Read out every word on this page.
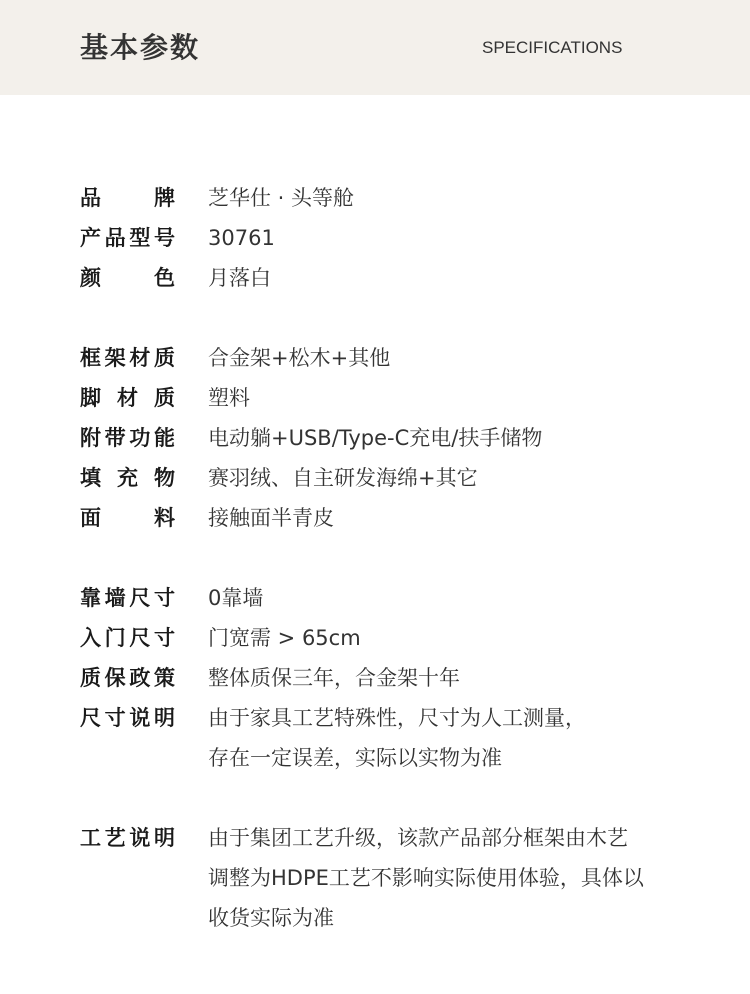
基本参数	SPECIFICATIONS
品	牌 芝华仕 · 头等舱
产 品 型 号 30761
颜	色 月落白
框 架 材 质 合金架+松木+其他
脚 材 质 塑料
附 带 功 能 电动躺+USB/Type-C充电/扶手储物
填 充 物 赛羽绒、自主研发海绵+其它
面	料 接触面半青皮
靠 墙 尺 寸 0靠墙
入 门 尺 寸 门宽需 > 65cm
质 保 政 策 整体质保三年，合金架十年
尺 寸 说 明 由于家具工艺特殊性，尺寸为人工测量，
存在一定误差，实际以实物为准
工 艺 说 明 由于集团工艺升级，该款产品部分框架由木艺
调整为HDPE工艺不影响实际使用体验，具体以
收货实际为准
